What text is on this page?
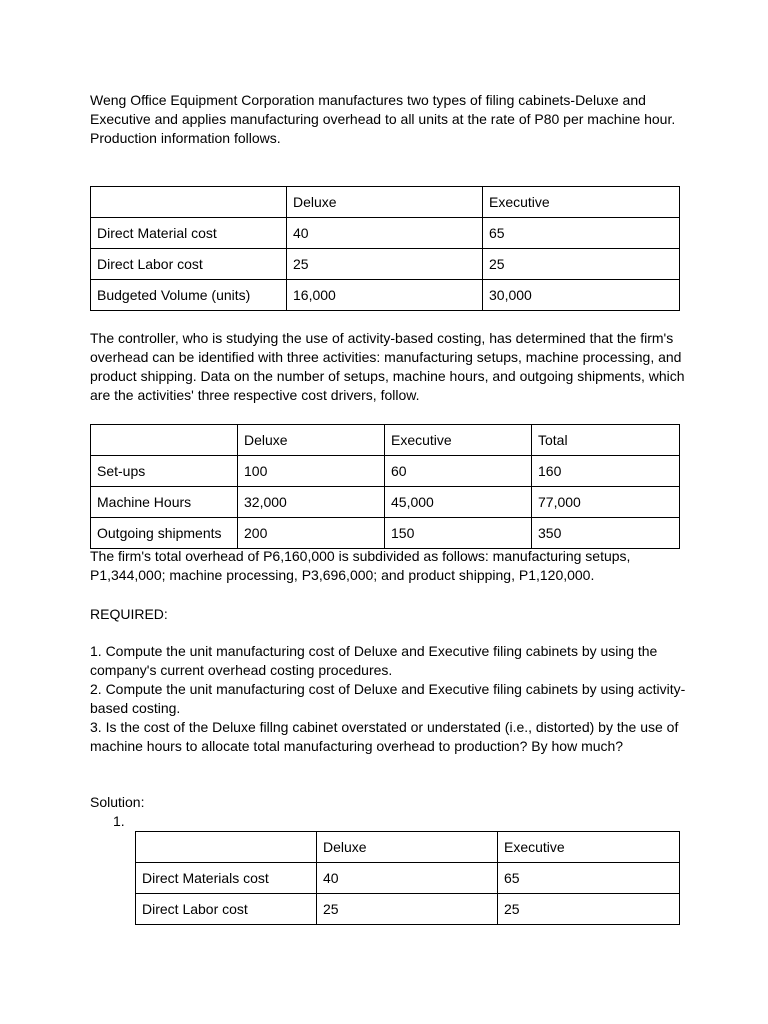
Weng Office Equipment Corporation manufactures two types of filing cabinets-Deluxe and Executive and applies manufacturing overhead to all units at the rate of P80 per machine hour. Production information follows.

	Deluxe	Executive
Direct Material cost	40	65
Direct Labor cost	25	25
Budgeted Volume (units)	16,000	30,000

The controller, who is studying the use of activity-based costing, has determined that the firm's overhead can be identified with three activities: manufacturing setups, machine processing, and product shipping. Data on the number of setups, machine hours, and outgoing shipments, which are the activities' three respective cost drivers, follow.

	Deluxe	Executive	Total
Set-ups	100	60	160
Machine Hours	32,000	45,000	77,000
Outgoing shipments	200	150	350

The firm's total overhead of P6,160,000 is subdivided as follows: manufacturing setups, P1,344,000; machine processing, P3,696,000; and product shipping, P1,120,000.

REQUIRED:

1. Compute the unit manufacturing cost of Deluxe and Executive filing cabinets by using the company's current overhead costing procedures.
2. Compute the unit manufacturing cost of Deluxe and Executive filing cabinets by using activity-based costing.
3. Is the cost of the Deluxe fillng cabinet overstated or understated (i.e., distorted) by the use of machine hours to allocate total manufacturing overhead to production? By how much?

Solution:

1.

	Deluxe	Executive
Direct Materials cost	40	65
Direct Labor cost	25	25
